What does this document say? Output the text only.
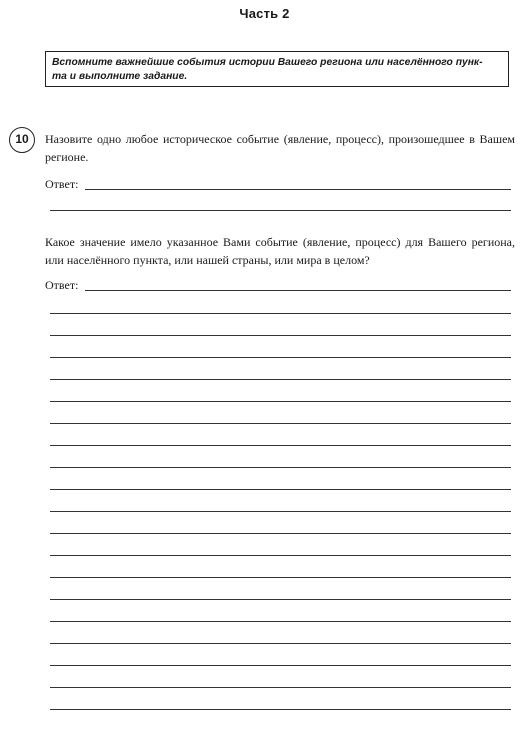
Часть 2
Вспомните важнейшие события истории Вашего региона или населённого пунк-
та и выполните задание.
10	Назовите одно любое историческое событие (явление, процесс), произошедшее в Вашем регионе.

Ответ:

Какое значение имело указанное Вами событие (явление, процесс) для Вашего региона, или населённого пункта, или нашей страны, или мира в целом?

Ответ:
